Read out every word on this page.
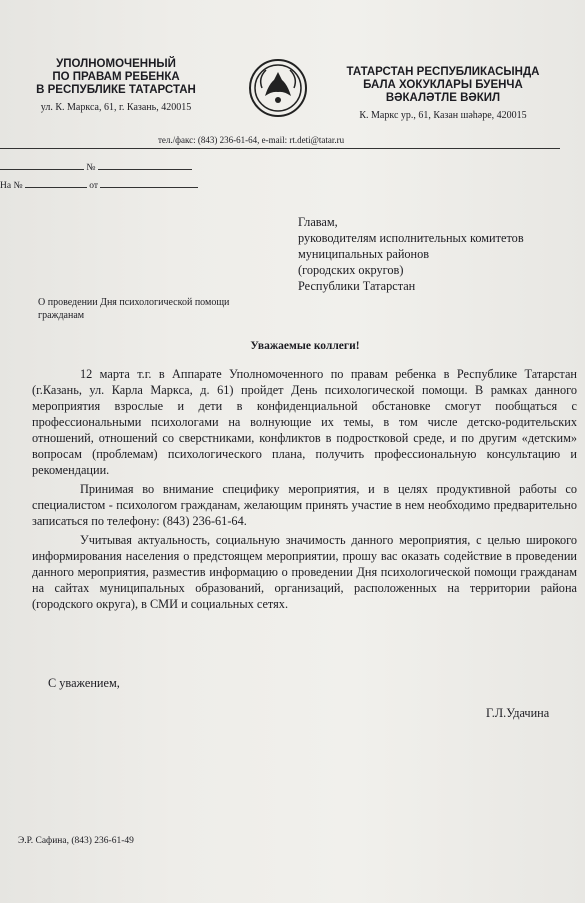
УПОЛНОМОЧЕННЫЙ
ПО ПРАВАМ РЕБЕНКА
В РЕСПУБЛИКЕ ТАТАРСТАН
ул. К. Маркса, 61, г. Казань, 420015
ТАТАРСТАН РЕСПУБЛИКАСЫНДА
БАЛА ХОКУКЛАРЫ БУЕНЧА
ВӘКАЛӘТЛЕ ВӘКИЛ
К. Маркс ур., 61, Казан шәһәре, 420015
тел./факс: (843) 236-61-64, e-mail: rt.deti@tatar.ru
№
На №	от
Главам,
руководителям исполнительных комитетов
муниципальных районов
(городских округов)
Республики Татарстан
О проведении Дня психологической помощи гражданам
Уважаемые коллеги!

12 марта т.г. в Аппарате Уполномоченного по правам ребенка в Республике Татарстан (г.Казань, ул. Карла Маркса, д. 61) пройдет День психологической помощи. В рамках данного мероприятия взрослые и дети в конфиденциальной обстановке смогут пообщаться с профессиональными психологами на волнующие их темы, в том числе детско-родительских отношений, отношений со сверстниками, конфликтов в подростковой среде, и по другим «детским» вопросам (проблемам) психологического плана, получить профессиональную консультацию и рекомендации.

Принимая во внимание специфику мероприятия, и в целях продуктивной работы со специалистом - психологом гражданам, желающим принять участие в нем необходимо предварительно записаться по телефону: (843) 236-61-64.

Учитывая актуальность, социальную значимость данного мероприятия, с целью широкого информирования населения о предстоящем мероприятии, прошу вас оказать содействие в проведении данного мероприятия, разместив информацию о проведении Дня психологической помощи гражданам на сайтах муниципальных образований, организаций, расположенных на территории района (городского округа), в СМИ и социальных сетях.

С уважением,
Г.Л.Удачина
Э.Р. Сафина, (843) 236-61-49
